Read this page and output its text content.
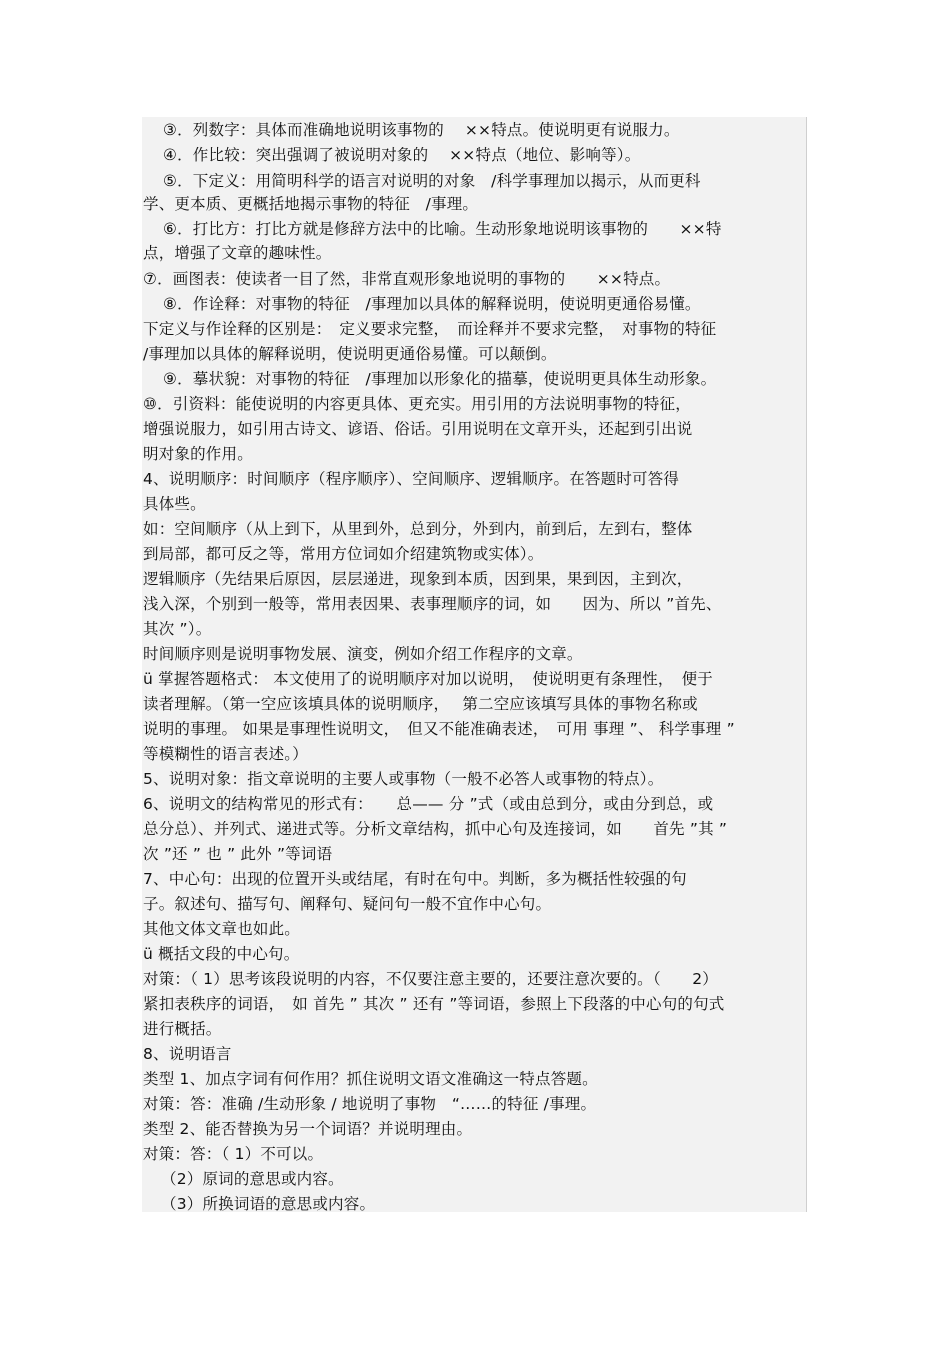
③．列数字：具体而准确地说明该事物的　 ××特点。使说明更有说服力。
④．作比较：突出强调了被说明对象的　 ××特点（地位、影响等）。
⑤．下定义：用简明科学的语言对说明的对象　/科学事理加以揭示，从而更科
学、更本质、更概括地揭示事物的特征　/事理。
⑥．打比方：打比方就是修辞方法中的比喻。生动形象地说明该事物的　　××特
点，增强了文章的趣味性。
⑦．画图表：使读者一目了然，非常直观形象地说明的事物的　　××特点。
⑧．作诠释：对事物的特征　/事理加以具体的解释说明，使说明更通俗易懂。
下定义与作诠释的区别是：　定义要求完整，　而诠释并不要求完整，　对事物的特征
/事理加以具体的解释说明，使说明更通俗易懂。可以颠倒。
⑨．摹状貌：对事物的特征　/事理加以形象化的描摹，使说明更具体生动形象。
⑩．引资料：能使说明的内容更具体、更充实。用引用的方法说明事物的特征，
增强说服力，如引用古诗文、谚语、俗话。引用说明在文章开头，还起到引出说
明对象的作用。
4、说明顺序：时间顺序（程序顺序）、空间顺序、逻辑顺序。在答题时可答得
具体些。
如：空间顺序（从上到下，从里到外，总到分，外到内，前到后，左到右，整体
到局部，都可反之等，常用方位词如介绍建筑物或实体）。
逻辑顺序（先结果后原因，层层递进，现象到本质，因到果，果到因，主到次，
浅入深，个别到一般等，常用表因果、表事理顺序的词，如　　因为、所以 ”首先、
其次 ”）。
时间顺序则是说明事物发展、演变，例如介绍工作程序的文章。
ü 掌握答题格式： 本文使用了的说明顺序对加以说明，　使说明更有条理性，　便于
读者理解。（第一空应该填具体的说明顺序，　 第二空应该填写具体的事物名称或
说明的事理。 如果是事理性说明文，　但又不能准确表述，　可用 事理 ”、 科学事理 ”
等模糊性的语言表述。）
5、说明对象：指文章说明的主要人或事物（一般不必答人或事物的特点）。
6、说明文的结构常见的形式有：　　总—— 分 ”式（或由总到分，或由分到总，或
总分总）、并列式、递进式等。分析文章结构，抓中心句及连接词，如　　首先 ”其 ”
次 ”还 ” 也 ” 此外 ”等词语
7、中心句：出现的位置开头或结尾，有时在句中。判断，多为概括性较强的句
子。叙述句、描写句、阐释句、疑问句一般不宜作中心句。
其他文体文章也如此。
ü 概括文段的中心句。
对策：（ 1）思考该段说明的内容，不仅要注意主要的，还要注意次要的。（　　2）
紧扣表秩序的词语，　如 首先 ” 其次 ” 还有 ”等词语，参照上下段落的中心句的句式
进行概括。
8、说明语言
类型 1、加点字词有何作用？抓住说明文语文准确这一特点答题。
对策：答：准确 /生动形象 / 地说明了事物　“……的特征 /事理。
类型 2、能否替换为另一个词语？并说明理由。
对策：答：（ 1）不可以。
（2）原词的意思或内容。
（3）所换词语的意思或内容。
